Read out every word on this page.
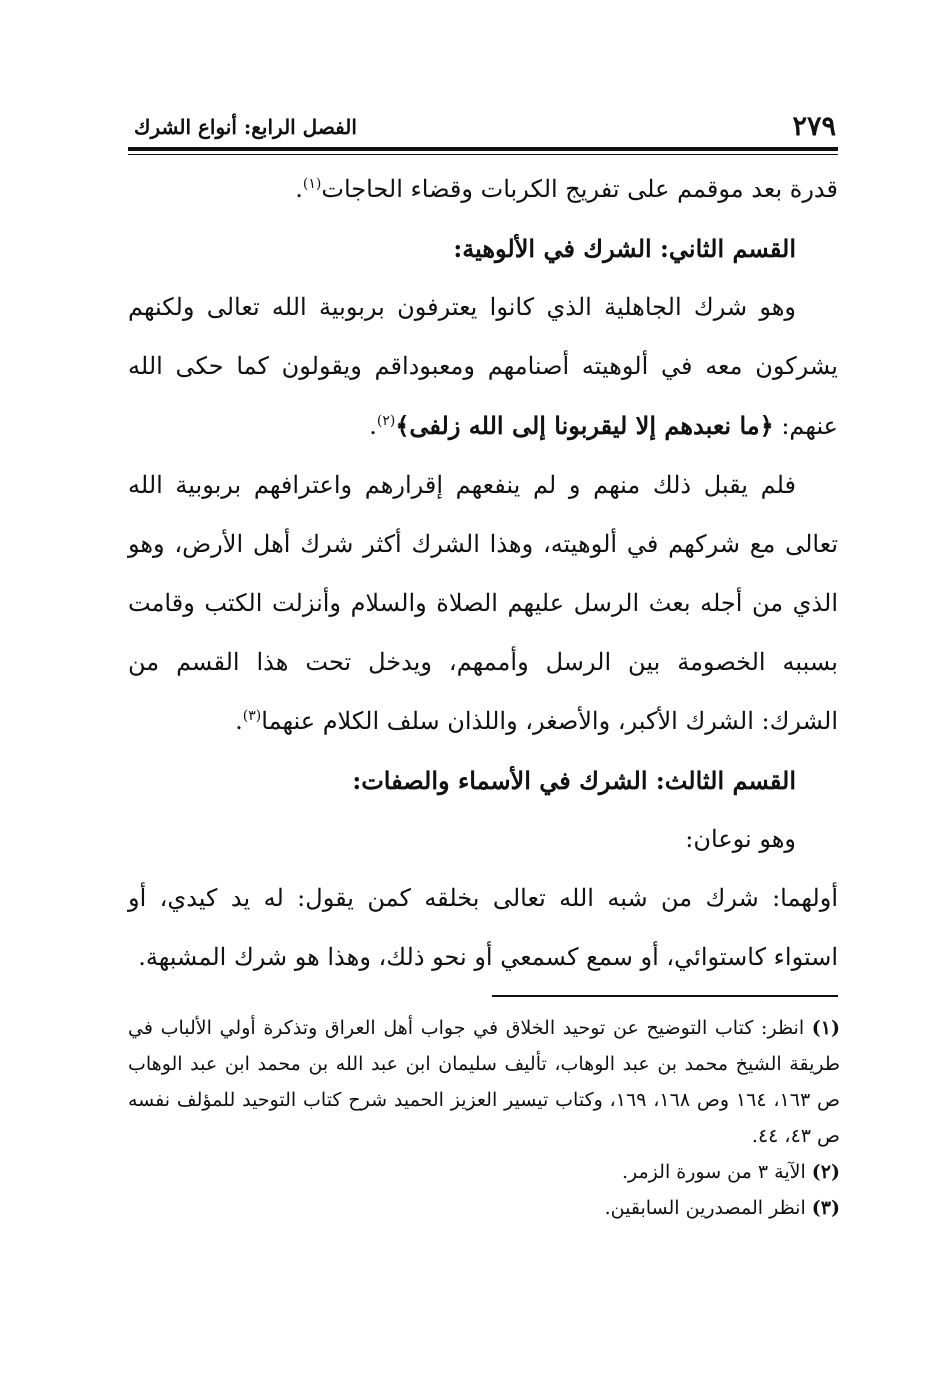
٢٧٩
الفصل الرابع: أنواع الشرك

قدرة بعد موقمم على تفريج الكربات وقضاء الحاجات$^{(١)}$.

القسم الثاني: الشرك في الألوهية:

وهو شرك الجاهلية الذي كانوا يعترفون بربوبية الله تعالى ولكنهم يشركون معه في ألوهيته أصنامهم ومعبوداقم ويقولون كما حكى الله عنهم: ﴿ما نعبدهم إلا ليقربونا إلى الله زلفى﴾$^{(٢)}$.

فلم يقبل ذلك منهم و لم ينفعهم إقرارهم واعترافهم بربوبية الله تعالى مع شركهم في ألوهيته، وهذا الشرك أكثر شرك أهل الأرض، وهو الذي من أجله بعث الرسل عليهم الصلاة والسلام وأنزلت الكتب وقامت بسببه الخصومة بين الرسل وأممهم، ويدخل تحت هذا القسم من الشرك: الشرك الأكبر، والأصغر، واللذان سلف الكلام عنهما$^{(٣)}$.

القسم الثالث: الشرك في الأسماء والصفات:

وهو نوعان:

أولهما: شرك من شبه الله تعالى بخلقه كمن يقول: له يد كيدي، أو استواء كاستوائي، أو سمع كسمعي أو نحو ذلك، وهذا هو شرك المشبهة.

(١) انظر: كتاب التوضيح عن توحيد الخلاق في جواب أهل العراق وتذكرة أولي الألباب في طريقة الشيخ محمد بن عبد الوهاب، تأليف سليمان ابن عبد الله بن محمد ابن عبد الوهاب ص ١٦٣، ١٦٤ وص ١٦٨، ١٦٩، وكتاب تيسير العزيز الحميد شرح كتاب التوحيد للمؤلف نفسه ص ٤٣، ٤٤.

(٢) الآية ٣ من سورة الزمر.

(٣) انظر المصدرين السابقين.
